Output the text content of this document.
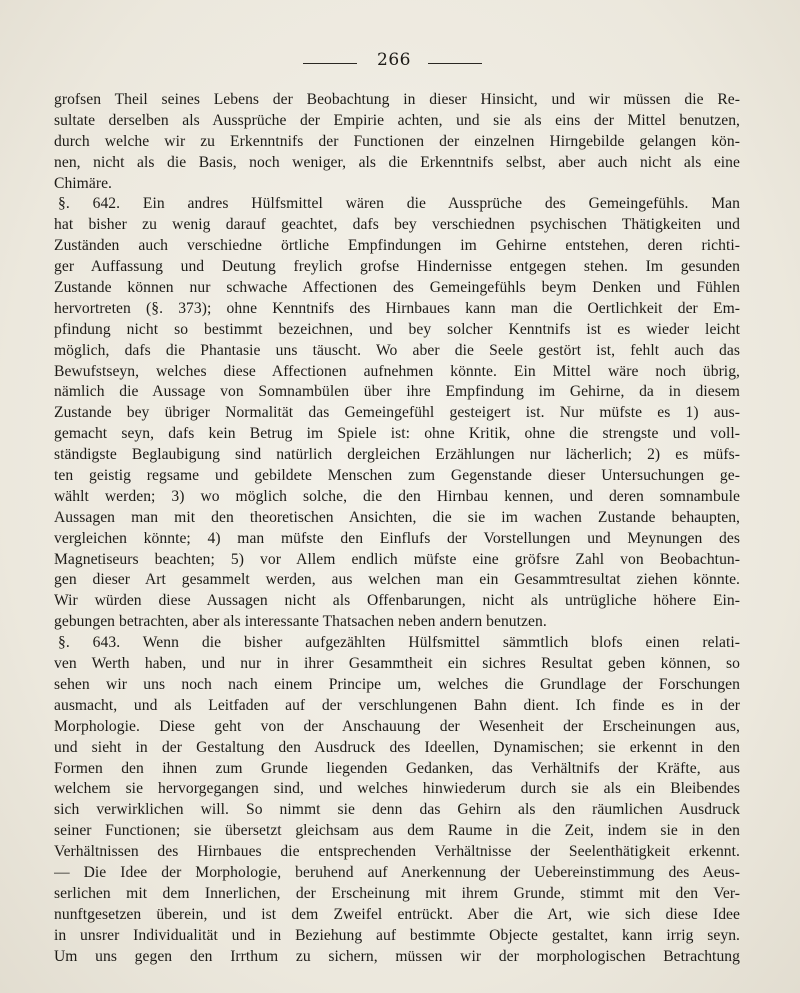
266
grofsen Theil seines Lebens der Beobachtung in dieser Hinsicht, und wir müssen die Re-
sultate derselben als Aussprüche der Empirie achten, und sie als eins der Mittel benutzen,
durch welche wir zu Erkenntnifs der Functionen der einzelnen Hirngebilde gelangen kön-
nen, nicht als die Basis, noch weniger, als die Erkenntnifs selbst, aber auch nicht als eine
Chimäre.
§. 642. Ein andres Hülfsmittel wären die Aussprüche des Gemeingefühls. Man
hat bisher zu wenig darauf geachtet, dafs bey verschiednen psychischen Thätigkeiten und
Zuständen auch verschiedne örtliche Empfindungen im Gehirne entstehen, deren richti-
ger Auffassung und Deutung freylich grofse Hindernisse entgegen stehen. Im gesunden
Zustande können nur schwache Affectionen des Gemeingefühls beym Denken und Fühlen
hervortreten (§. 373); ohne Kenntnifs des Hirnbaues kann man die Oertlichkeit der Em-
pfindung nicht so bestimmt bezeichnen, und bey solcher Kenntnifs ist es wieder leicht
möglich, dafs die Phantasie uns täuscht. Wo aber die Seele gestört ist, fehlt auch das
Bewufstseyn, welches diese Affectionen aufnehmen könnte. Ein Mittel wäre noch übrig,
nämlich die Aussage von Somnambülen über ihre Empfindung im Gehirne, da in diesem
Zustande bey übriger Normalität das Gemeingefühl gesteigert ist. Nur müfste es 1) aus-
gemacht seyn, dafs kein Betrug im Spiele ist: ohne Kritik, ohne die strengste und voll-
ständigste Beglaubigung sind natürlich dergleichen Erzählungen nur lächerlich; 2) es müfs-
ten geistig regsame und gebildete Menschen zum Gegenstande dieser Untersuchungen ge-
wählt werden; 3) wo möglich solche, die den Hirnbau kennen, und deren somnambule
Aussagen man mit den theoretischen Ansichten, die sie im wachen Zustande behaupten,
vergleichen könnte; 4) man müfste den Einflufs der Vorstellungen und Meynungen des
Magnetiseurs beachten; 5) vor Allem endlich müfste eine gröfsre Zahl von Beobachtun-
gen dieser Art gesammelt werden, aus welchen man ein Gesammtresultat ziehen könnte.
Wir würden diese Aussagen nicht als Offenbarungen, nicht als untrügliche höhere Ein-
gebungen betrachten, aber als interessante Thatsachen neben andern benutzen.
§. 643. Wenn die bisher aufgezählten Hülfsmittel sämmtlich blofs einen relati-
ven Werth haben, und nur in ihrer Gesammtheit ein sichres Resultat geben können, so
sehen wir uns noch nach einem Principe um, welches die Grundlage der Forschungen
ausmacht, und als Leitfaden auf der verschlungenen Bahn dient. Ich finde es in der
Morphologie. Diese geht von der Anschauung der Wesenheit der Erscheinungen aus,
und sieht in der Gestaltung den Ausdruck des Ideellen, Dynamischen; sie erkennt in den
Formen den ihnen zum Grunde liegenden Gedanken, das Verhältnifs der Kräfte, aus
welchem sie hervorgegangen sind, und welches hinwiederum durch sie als ein Bleibendes
sich verwirklichen will. So nimmt sie denn das Gehirn als den räumlichen Ausdruck
seiner Functionen; sie übersetzt gleichsam aus dem Raume in die Zeit, indem sie in den
Verhältnissen des Hirnbaues die entsprechenden Verhältnisse der Seelenthätigkeit erkennt.
— Die Idee der Morphologie, beruhend auf Anerkennung der Uebereinstimmung des Aeus-
serlichen mit dem Innerlichen, der Erscheinung mit ihrem Grunde, stimmt mit den Ver-
nunftgesetzen überein, und ist dem Zweifel entrückt. Aber die Art, wie sich diese Idee
in unsrer Individualität und in Beziehung auf bestimmte Objecte gestaltet, kann irrig seyn.
Um uns gegen den Irrthum zu sichern, müssen wir der morphologischen Betrachtung
